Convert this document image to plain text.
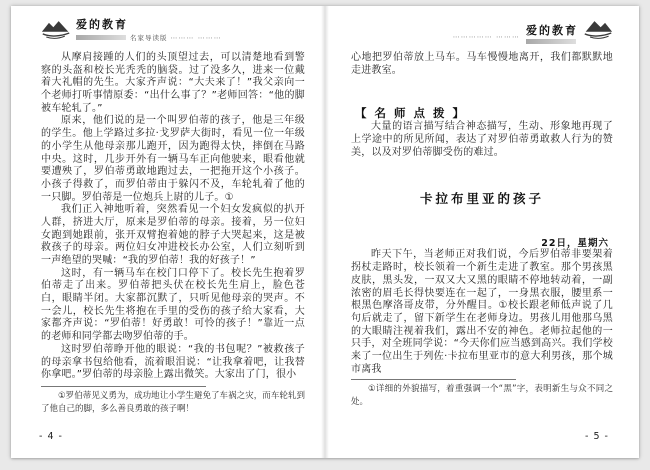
爱的教育
名家导读版 ⋯⋯⋯ ⋯⋯⋯

从摩肩接踵的人们的头顶望过去，可以清楚地看到警察的头盔和校长光秃秃的脑袋。过了没多久，进来一位戴着大礼帽的先生。大家齐声说：“大夫来了！”我父亲向一个老师打听事情原委：“出什么事了？”老师回答：“他的脚被车轮轧了。”

原来，他们说的是一个叫罗伯蒂的孩子，他是三年级的学生。他上学路过多拉·戈罗萨大街时，看见一位一年级的小学生从他母亲那儿跑开，因为跑得太快，摔倒在马路中央。这时，几步开外有一辆马车正向他驶来，眼看他就要遭殃了，罗伯蒂勇敢地跑过去，一把拖开这个小孩子。小孩子得救了，而罗伯蒂由于躲闪不及，车轮轧着了他的一只脚。罗伯蒂是一位炮兵上尉的儿子。①

我们正入神地听着，突然看见一个妇女发疯似的扒开人群，挤进大厅，原来是罗伯蒂的母亲。接着，另一位妇女跑到她跟前，张开双臂抱着她的脖子大哭起来，这是被救孩子的母亲。两位妇女冲进校长办公室，人们立刻听到一声绝望的哭喊：“我的罗伯蒂！我的好孩子！”

这时，有一辆马车在校门口停下了。校长先生抱着罗伯蒂走了出来。罗伯蒂把头伏在校长先生肩上，脸色苍白，眼睛半闭。大家都沉默了，只听见他母亲的哭声。不一会儿，校长先生将抱在手里的受伤的孩子给大家看，大家都齐声说：“罗伯蒂！好勇敢！可怜的孩子！”靠近一点的老师和同学都去吻罗伯蒂的手。

这时罗伯蒂睁开他的眼说：“我的书包呢？”被救孩子的母亲拿书包给他看，流着眼泪说：“让我拿着吧，让我替你拿吧。”罗伯蒂的母亲脸上露出微笑。大家出了门，很小

①罗伯蒂见义勇为，成功地让小学生避免了车祸之灾，而车轮轧到了他自己的脚，多么善良勇敢的孩子啊！

- 4 -
⋯⋯⋯⋯⋯ ⋯⋯⋯
爱的教育

心地把罗伯蒂放上马车。马车慢慢地离开，我们都默默地走进教室。

【 名 师 点 拨 】

大量的语言描写结合神态描写，生动、形象地再现了上学途中的所见所闻，表达了对罗伯蒂勇敢救人行为的赞美，以及对罗伯蒂脚受伤的难过。

卡拉布里亚的孩子
22日，星期六

昨天下午，当老师正对我们说，今后罗伯蒂非要架着拐杖走路时，校长领着一个新生走进了教室。那个男孩黑皮肤，黑头发，一双又大又黑的眼睛不停地转动着，一副浓密的眉毛长得快要连在一起了，一身黑衣服，腰里系一根黑色摩洛哥皮带，分外醒目。①校长跟老师低声说了几句后就走了，留下新学生在老师身边。男孩儿用他那乌黑的大眼睛注视着我们，露出不安的神色。老师拉起他的一只手，对全班同学说：“今天你们应当感到高兴。我们学校来了一位出生于列佐·卡拉布里亚市的意大利男孩，那个城市离我

①详细的外貌描写，着重强调一个“黑”字，表明新生与众不同之处。

- 5 -
